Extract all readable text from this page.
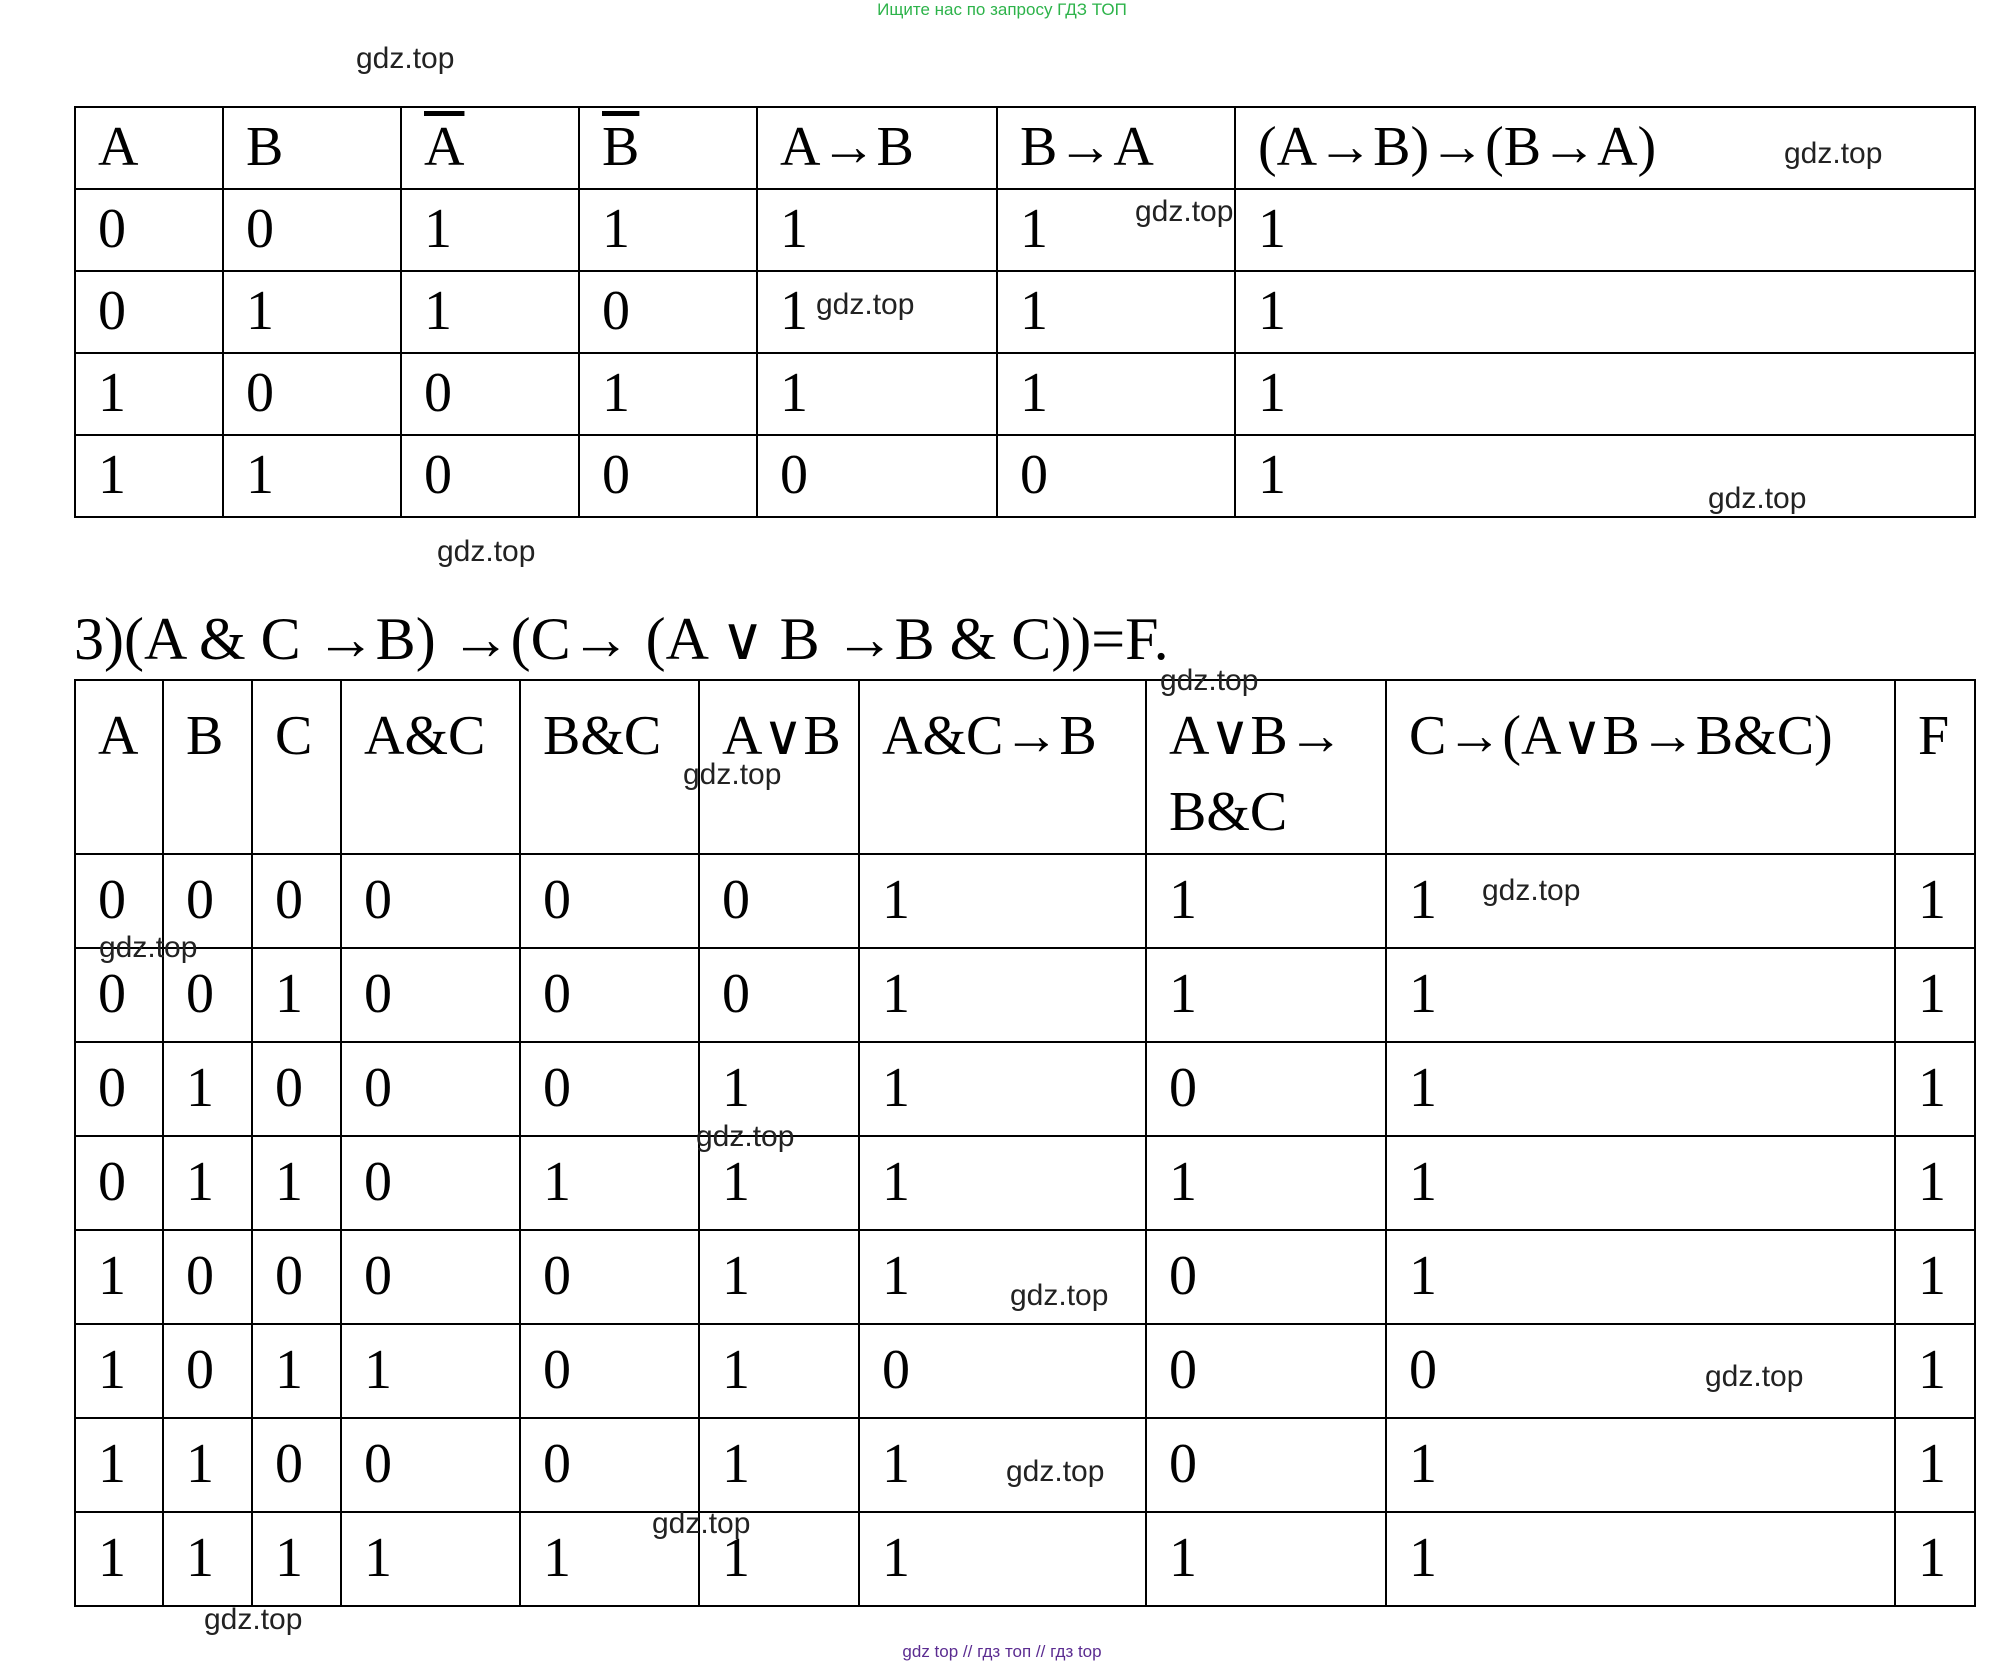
Ищите нас по запросу ГДЗ ТОП
A	B	$\overline{A}$	$\overline{B}$	A→B	B→A	(A→B)→(B→A)
0	0	1	1	1	1	1
0	1	1	0	1	1	1
1	0	0	1	1	1	1
1	1	0	0	0	0	1
3)(A & C →B) →(C→ (A ∨ B →B & C))=F.
A	B	C	A&C	B&C	A∨B	A&C→B	A∨B→ B&C	C→(A∨B→B&C)	F
0	0	0	0	0	0	1	1	1	1
0	0	1	0	0	0	1	1	1	1
0	1	0	0	0	1	1	0	1	1
0	1	1	0	1	1	1	1	1	1
1	0	0	0	0	1	1	0	1	1
1	0	1	1	0	1	0	0	0	1
1	1	0	0	0	1	1	0	1	1
1	1	1	1	1	1	1	1	1	1
gdz.top
gdz.top
gdz.top
gdz.top
gdz.top
gdz.top
gdz.top
gdz.top
gdz.top
gdz.top
gdz.top
gdz.top
gdz.top
gdz.top
gdz.top
gdz.top
gdz top // гдз топ // гдз top
